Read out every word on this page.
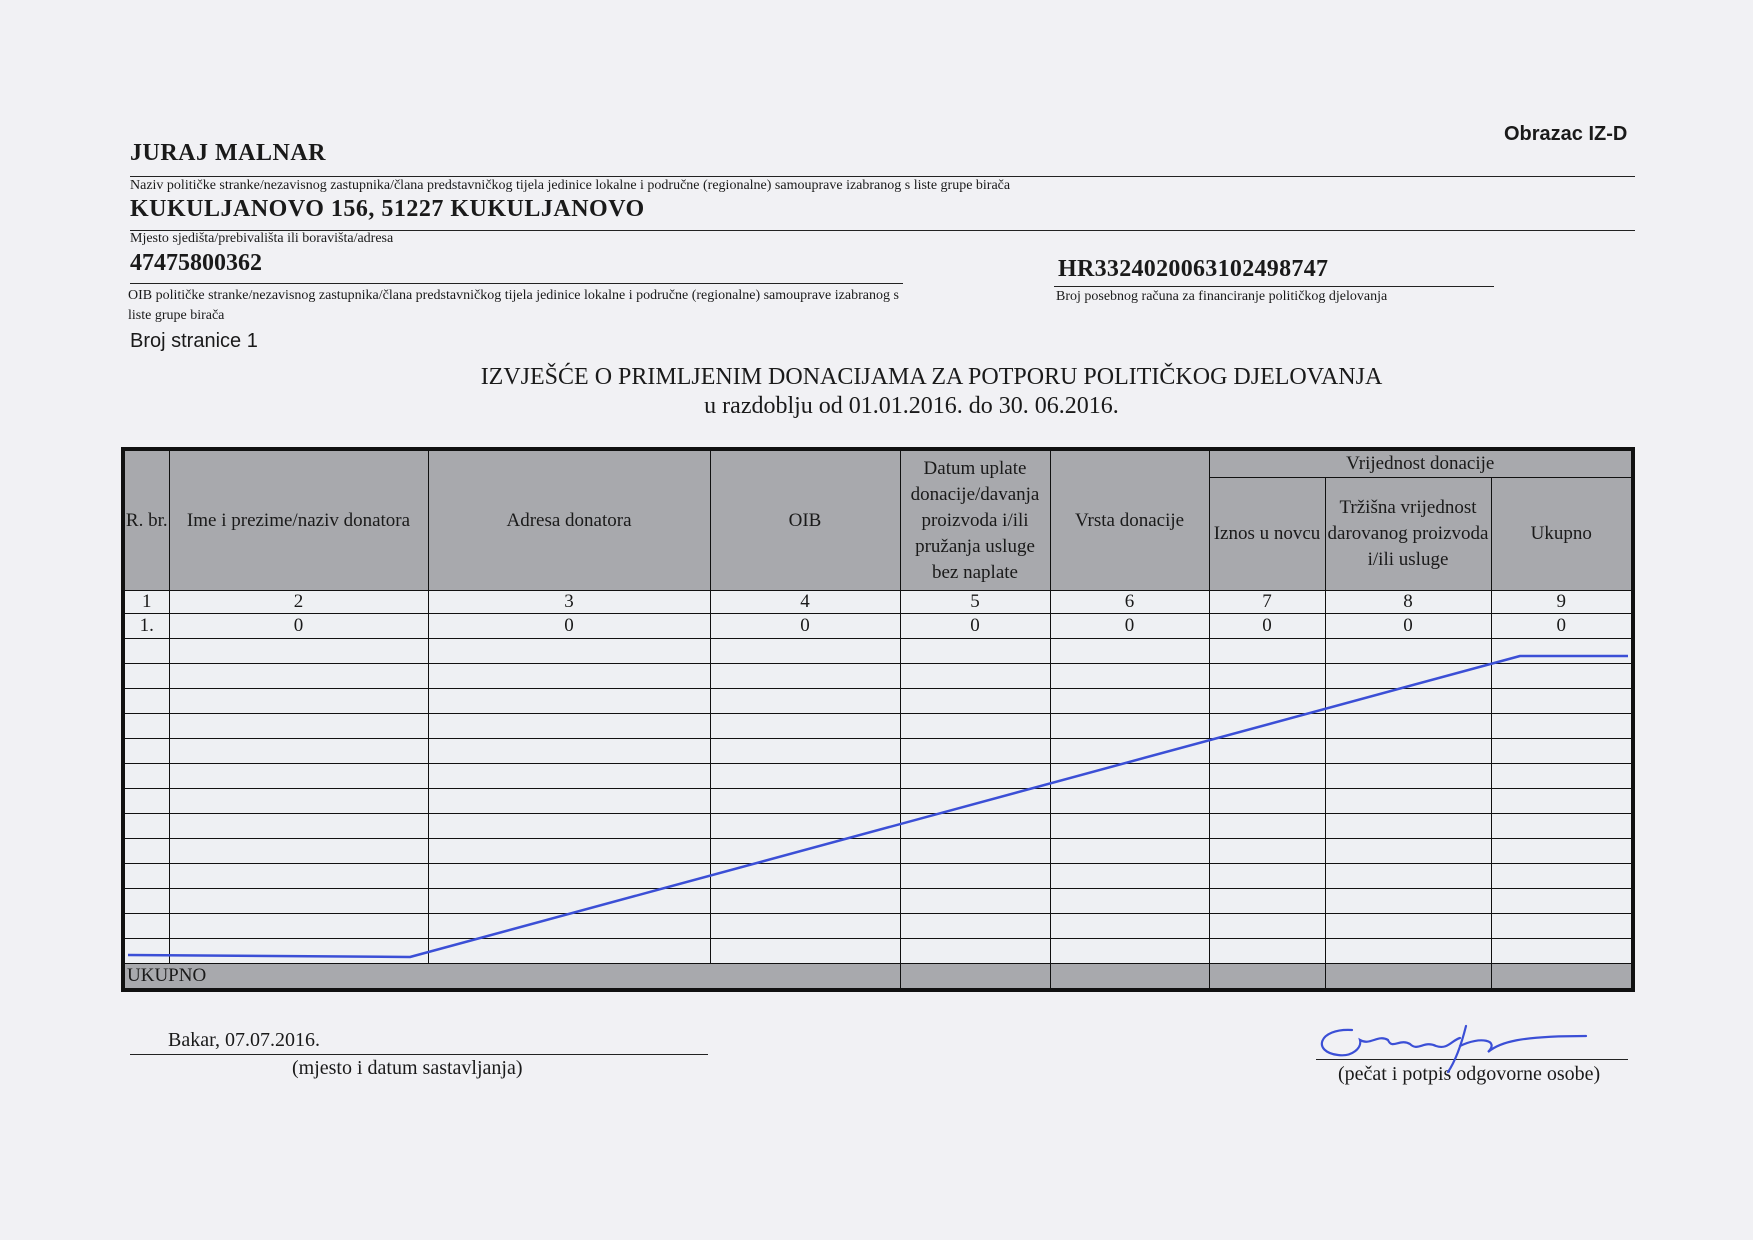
Obrazac IZ-D
JURAJ MALNAR
Naziv političke stranke/nezavisnog zastupnika/člana predstavničkog tijela jedinice lokalne i područne (regionalne) samouprave izabranog s liste grupe birača
KUKULJANOVO 156, 51227 KUKULJANOVO
Mjesto sjedišta/prebivališta ili boravišta/adresa
47475800362
OIB političke stranke/nezavisnog zastupnika/člana predstavničkog tijela jedinice lokalne i područne (regionalne) samouprave izabranog s liste grupe birača
HR3324020063102498747
Broj posebnog računa za financiranje političkog djelovanja
Broj stranice 1
IZVJEŠĆE O PRIMLJENIM DONACIJAMA ZA POTPORU POLITIČKOG DJELOVANJA
u razdoblju od 01.01.2016. do 30. 06.2016.
R. br.	Ime i prezime/naziv donatora	Adresa donatora	OIB	Datum uplate donacije/davanja proizvoda i/ili pružanja usluge bez naplate	Vrsta donacije	Vrijednost donacije		
						Iznos u novcu	Tržišna vrijednost darovanog proizvoda i/ili usluge	Ukupno
1	2	3	4	5	6	7	8	9
1.	0	0	0	0	0	0	0	0

UKUPNO								
Bakar, 07.07.2016.
(mjesto i datum sastavljanja)	(pečat i potpis odgovorne osobe)
